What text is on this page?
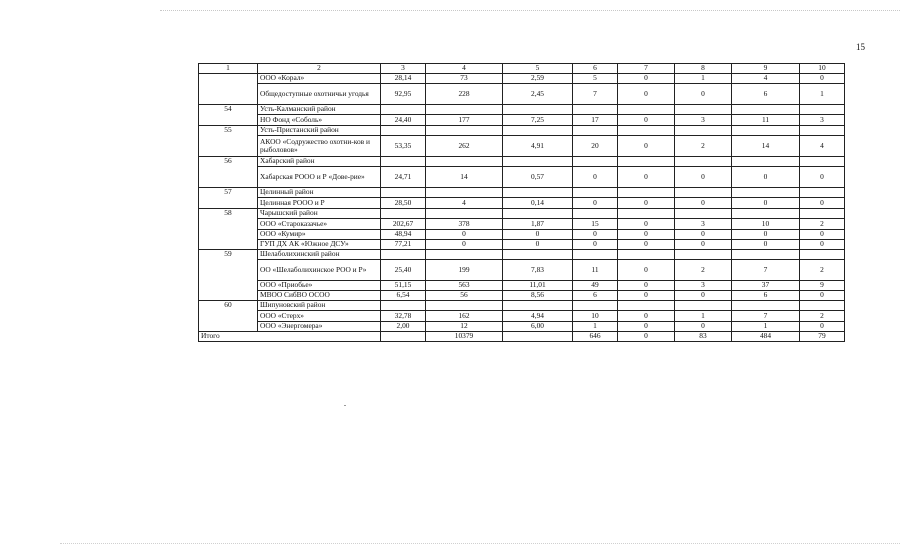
15
1	2	3	4	5	6	7	8	9	10
	ООО «Корал»	28,14	73	2,59	5	0	1	4	0
	Общедоступные охотничьи угодья	92,95	228	2,45	7	0	0	6	1
54	Усть-Калманский район								
	НО Фонд «Соболь»	24,40	177	7,25	17	0	3	11	3
55	Усть-Пристанский район								
	АКОО «Содружество охотни-ков и рыболовов»	53,35	262	4,91	20	0	2	14	4
56	Хабарский район								
	Хабарская РООО и Р «Дове-рие»	24,71	14	0,57	0	0	0	0	0
57	Целинный район								
	Целинная РООО и Р	28,50	4	0,14	0	0	0	0	0
58	Чарышский район								
	ООО «Староказачье»	202,67	378	1,87	15	0	3	10	2
	ООО «Кумир»	48,94	0	0	0	0	0	0	0
	ГУП ДХ АК «Южное ДСУ»	77,21	0	0	0	0	0	0	0
59	Шелаболихинский район								
	ОО «Шелаболихинское РОО и Р»	25,40	199	7,83	11	0	2	7	2
	ООО «Приобье»	51,15	563	11,01	49	0	3	37	9
	МВОО СибВО ОСОО	6,54	56	8,56	6	0	0	6	0
60	Шипуновский район								
	ООО «Стерх»	32,78	162	4,94	10	0	1	7	2
	ООО «Энергомера»	2,00	12	6,00	1	0	0	1	0
Итого			10379		646	0	83	484	79
